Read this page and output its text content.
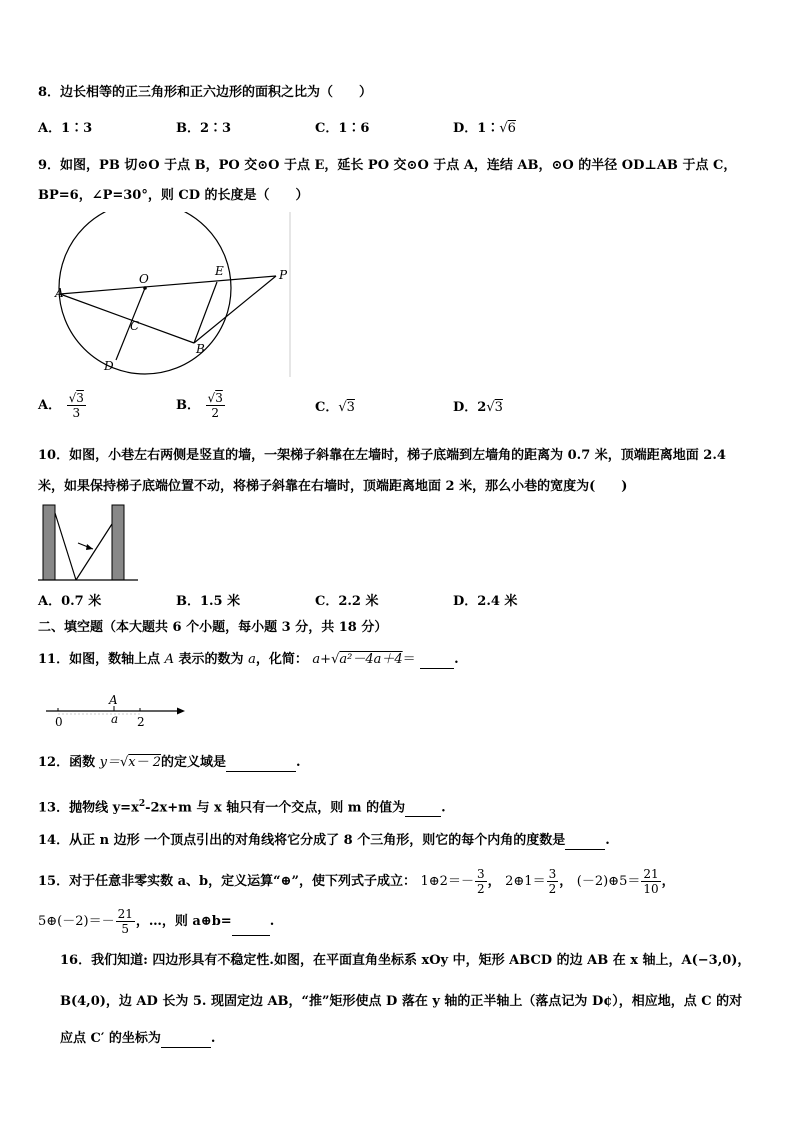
8．边长相等的正三角形和正六边形的面积之比为（　　）
A．1∶3	B．2∶3	C．1∶6	D．1∶√6
9．如图，PB 切⊙O 于点 B，PO 交⊙O 于点 E，延长 PO 交⊙O 于点 A，连结 AB，⊙O 的半径 OD⊥AB 于点 C，
BP=6，∠P=30°，则 CD 的长度是（　　）
O
E	P
A
C
B
D
A． $\frac{√3}{3}$	B． $\frac{√3}{2}$	C．√3	D．2√3
10．如图，小巷左右两侧是竖直的墙，一架梯子斜靠在左墙时，梯子底端到左墙角的距离为 0.7 米，顶端距离地面 2.4
米，如果保持梯子底端位置不动，将梯子斜靠在右墙时，顶端距离地面 2 米，那么小巷的宽度为(　　)
A．0.7 米	B．1.5 米	C．2.2 米	D．2.4 米
二、填空题（本大题共 6 个小题，每小题 3 分，共 18 分）
11．如图，数轴上点 A 表示的数为 a，化简： a+√a²－4a＋4＝	.
0
A
a 2
12．函数 y＝√x－ 2的定义域是	.
13．抛物线 $y=x^2-2x+m$ 与 x 轴只有一个交点，则 m 的值为	.
14．从正 n 边形 一个顶点引出的对角线将它分成了 8 个三角形，则它的每个内角的度数是	.
15．对于任意非零实数 a、b，定义运算“⊕”，使下列式子成立： 1⊕2＝－ $\frac{3}{2}$ ， 2⊕1＝ $\frac{3}{2}$ ， (－2)⊕5＝ $\frac{21}{10}$ ，
5⊕(－2)＝－ $\frac{21}{5}$ ，…，则 a⊕b=	.
16．我们知道: 四边形具有不稳定性.如图，在平面直角坐标系 xOy 中，矩形 ABCD 的边 AB 在 x 轴上，A(−3,0)，
B(4,0)，边 AD 长为 5. 现固定边 AB，“推”矩形使点 D 落在 y 轴的正半轴上（落点记为 D¢），相应地，点 C 的对
应点 C′ 的坐标为	.
